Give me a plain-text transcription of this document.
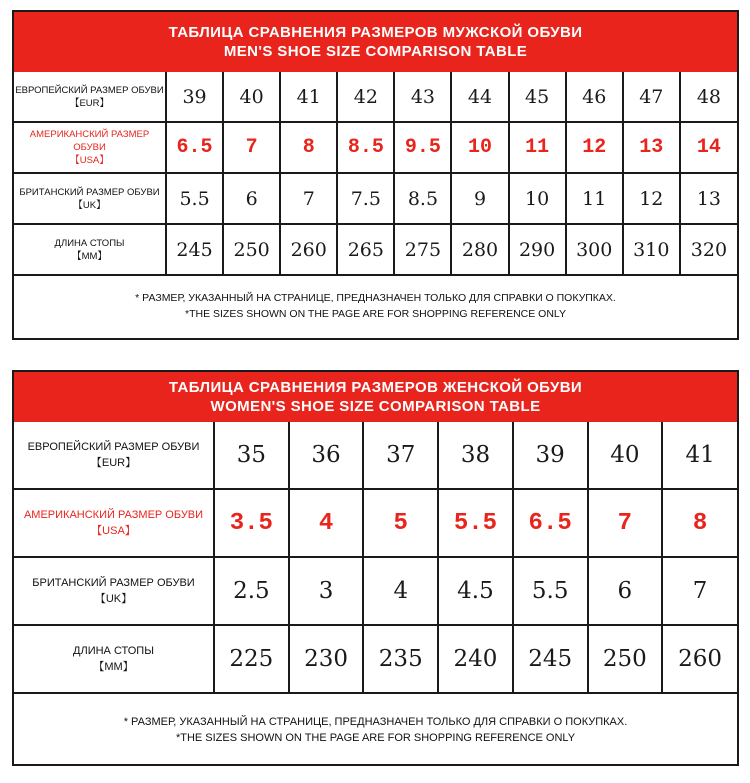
ТАБЛИЦА СРАВНЕНИЯ РАЗМЕРОВ МУЖСКОЙ ОБУВИ
MEN'S SHOE SIZE COMPARISON TABLE
ЕВРОПЕЙСКИЙ РАЗМЕР ОБУВИ
【EUR】	39	40	41	42	43	44	45	46	47	48

АМЕРИКАНСКИЙ РАЗМЕР ОБУВИ
【USA】	6.5	7	8	8.5	9.5	10	11	12	13	14

БРИТАНСКИЙ РАЗМЕР ОБУВИ
【UK】	5.5	6	7	7.5	8.5	9	10	11	12	13

ДЛИНА СТОПЫ
【MM】	245	250	260	265	275	280	290	300	310	320
* РАЗМЕР, УКАЗАННЫЙ НА СТРАНИЦЕ, ПРЕДНАЗНАЧЕН ТОЛЬКО ДЛЯ СПРАВКИ О ПОКУПКАХ.
*THE SIZES SHOWN ON THE PAGE ARE FOR SHOPPING REFERENCE ONLY
ТАБЛИЦА СРАВНЕНИЯ РАЗМЕРОВ ЖЕНСКОЙ ОБУВИ
WOMEN'S SHOE SIZE COMPARISON TABLE
ЕВРОПЕЙСКИЙ РАЗМЕР ОБУВИ
【EUR】	35	36	37	38	39	40	41

АМЕРИКАНСКИЙ РАЗМЕР ОБУВИ
【USA】	3.5	4	5	5.5	6.5	7	8

БРИТАНСКИЙ РАЗМЕР ОБУВИ
【UK】	2.5	3	4	4.5	5.5	6	7

ДЛИНА СТОПЫ
【MM】	225	230	235	240	245	250	260
* РАЗМЕР, УКАЗАННЫЙ НА СТРАНИЦЕ, ПРЕДНАЗНАЧЕН ТОЛЬКО ДЛЯ СПРАВКИ О ПОКУПКАХ.
*THE SIZES SHOWN ON THE PAGE ARE FOR SHOPPING REFERENCE ONLY
